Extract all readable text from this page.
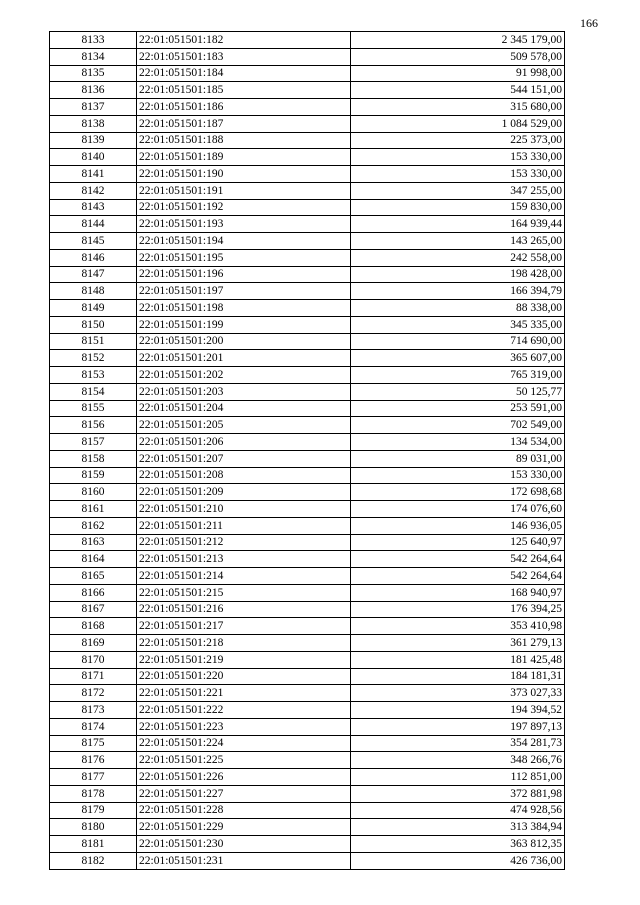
166
8133	22:01:051501:182	2 345 179,00
8134	22:01:051501:183	509 578,00
8135	22:01:051501:184	91 998,00
8136	22:01:051501:185	544 151,00
8137	22:01:051501:186	315 680,00
8138	22:01:051501:187	1 084 529,00
8139	22:01:051501:188	225 373,00
8140	22:01:051501:189	153 330,00
8141	22:01:051501:190	153 330,00
8142	22:01:051501:191	347 255,00
8143	22:01:051501:192	159 830,00
8144	22:01:051501:193	164 939,44
8145	22:01:051501:194	143 265,00
8146	22:01:051501:195	242 558,00
8147	22:01:051501:196	198 428,00
8148	22:01:051501:197	166 394,79
8149	22:01:051501:198	88 338,00
8150	22:01:051501:199	345 335,00
8151	22:01:051501:200	714 690,00
8152	22:01:051501:201	365 607,00
8153	22:01:051501:202	765 319,00
8154	22:01:051501:203	50 125,77
8155	22:01:051501:204	253 591,00
8156	22:01:051501:205	702 549,00
8157	22:01:051501:206	134 534,00
8158	22:01:051501:207	89 031,00
8159	22:01:051501:208	153 330,00
8160	22:01:051501:209	172 698,68
8161	22:01:051501:210	174 076,60
8162	22:01:051501:211	146 936,05
8163	22:01:051501:212	125 640,97
8164	22:01:051501:213	542 264,64
8165	22:01:051501:214	542 264,64
8166	22:01:051501:215	168 940,97
8167	22:01:051501:216	176 394,25
8168	22:01:051501:217	353 410,98
8169	22:01:051501:218	361 279,13
8170	22:01:051501:219	181 425,48
8171	22:01:051501:220	184 181,31
8172	22:01:051501:221	373 027,33
8173	22:01:051501:222	194 394,52
8174	22:01:051501:223	197 897,13
8175	22:01:051501:224	354 281,73
8176	22:01:051501:225	348 266,76
8177	22:01:051501:226	112 851,00
8178	22:01:051501:227	372 881,98
8179	22:01:051501:228	474 928,56
8180	22:01:051501:229	313 384,94
8181	22:01:051501:230	363 812,35
8182	22:01:051501:231	426 736,00
